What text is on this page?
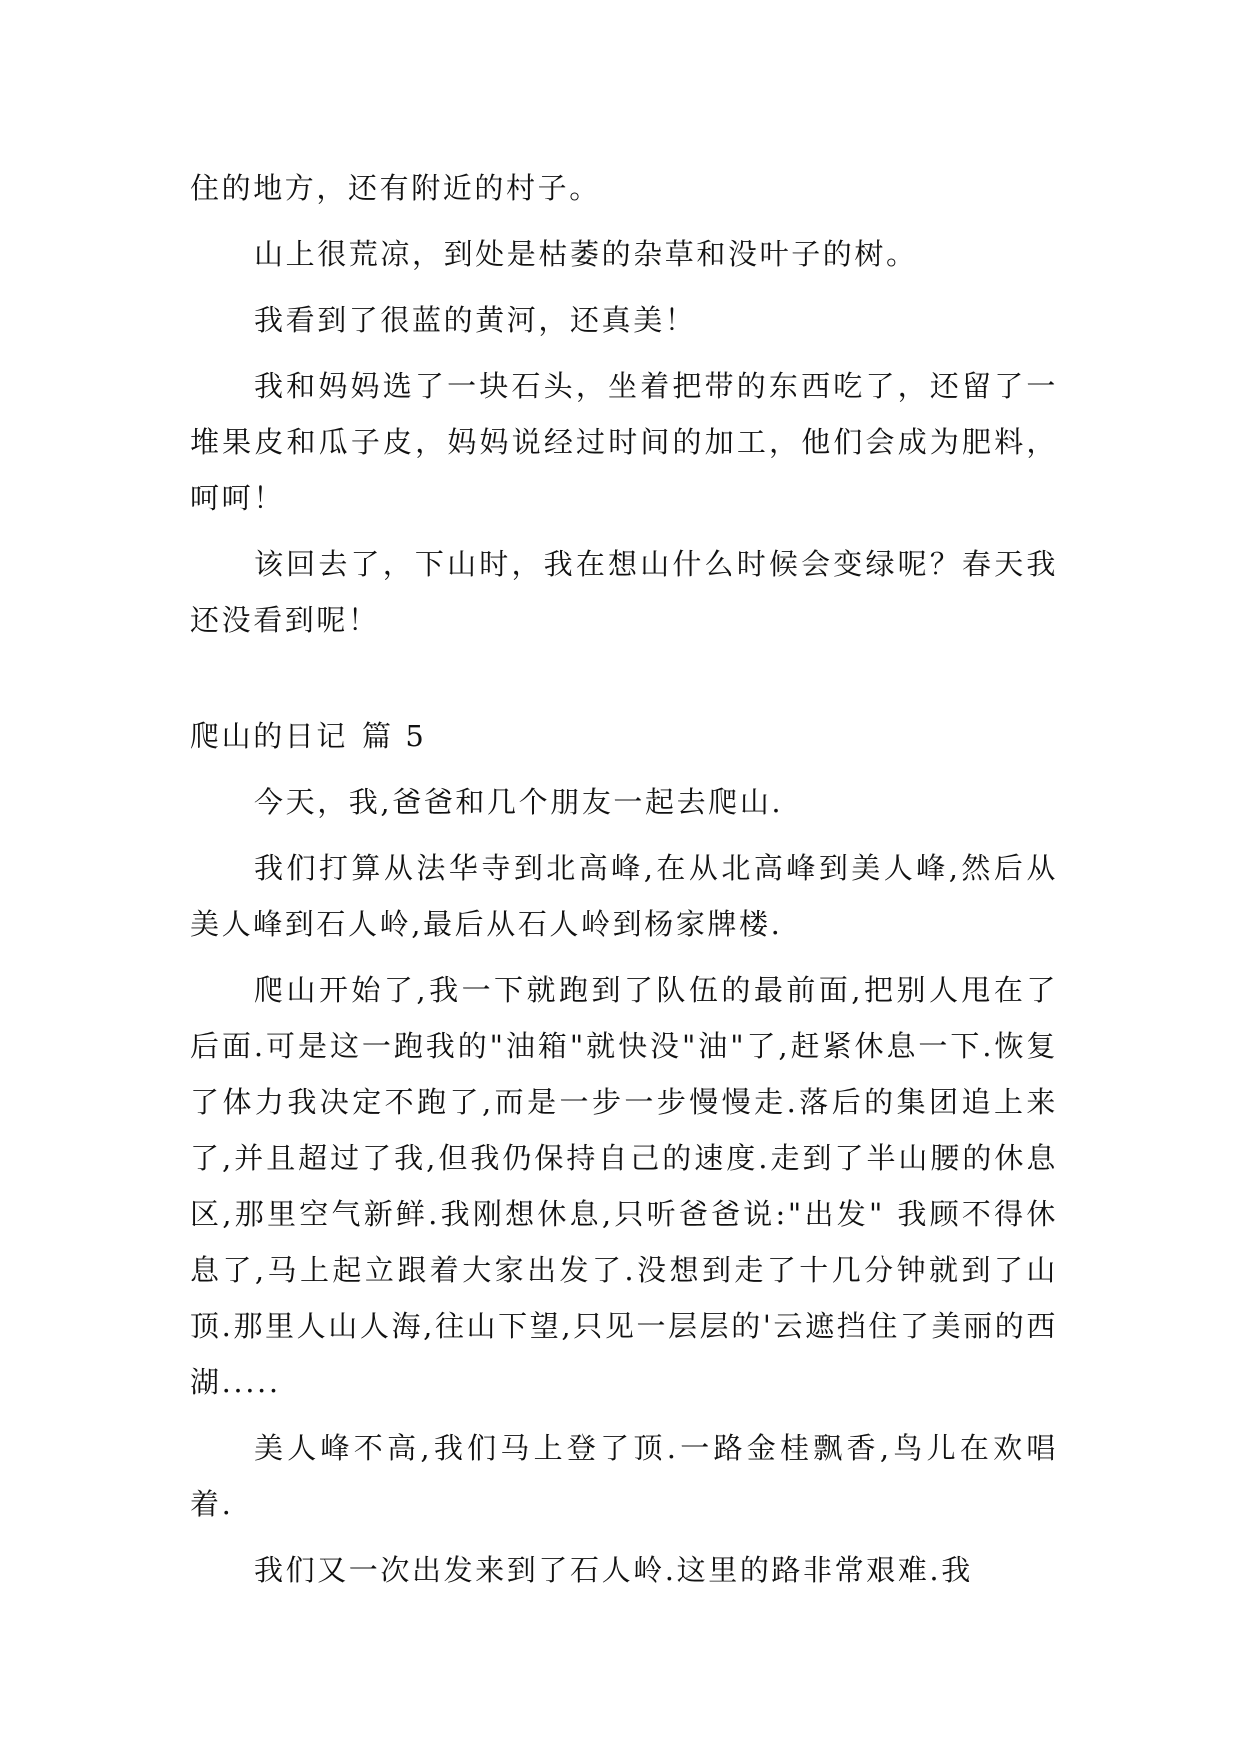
住的地方，还有附近的村子。

山上很荒凉，到处是枯萎的杂草和没叶子的树。

我看到了很蓝的黄河，还真美！

我和妈妈选了一块石头，坐着把带的东西吃了，还留了一堆果皮和瓜子皮，妈妈说经过时间的加工，他们会成为肥料，呵呵！

该回去了，下山时，我在想山什么时候会变绿呢？春天我还没看到呢！

爬山的日记 篇 5

今天，我,爸爸和几个朋友一起去爬山.

我们打算从法华寺到北高峰,在从北高峰到美人峰,然后从美人峰到石人岭,最后从石人岭到杨家牌楼.

爬山开始了,我一下就跑到了队伍的最前面,把别人甩在了后面.可是这一跑我的"油箱"就快没"油"了,赶紧休息一下.恢复了体力我决定不跑了,而是一步一步慢慢走.落后的集团追上来了,并且超过了我,但我仍保持自己的速度.走到了半山腰的休息区,那里空气新鲜.我刚想休息,只听爸爸说:"出发" 我顾不得休息了,马上起立跟着大家出发了.没想到走了十几分钟就到了山顶.那里人山人海,往山下望,只见一层层的'云遮挡住了美丽的西湖.....

美人峰不高,我们马上登了顶.一路金桂飘香,鸟儿在欢唱着.

我们又一次出发来到了石人岭.这里的路非常艰难.我
